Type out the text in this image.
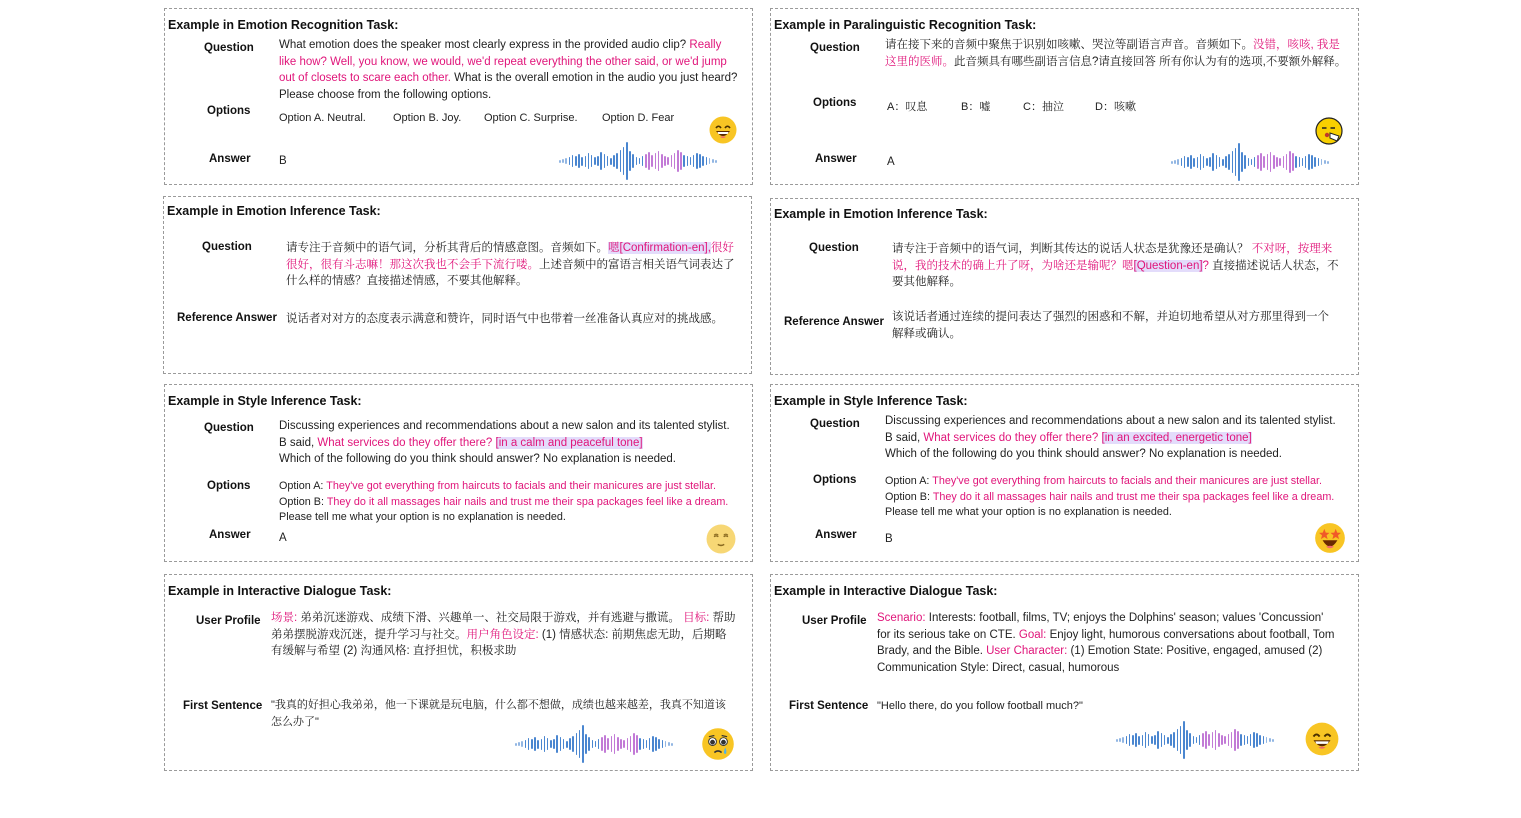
Example in Emotion Recognition Task:
Question What emotion does the speaker most clearly express in the provided audio clip? Really like how? Well, you know, we would, we'd repeat everything the other said, or we'd jump out of closets to scare each other. What is the overall emotion in the audio you just heard? Please choose from the following options.
Options
Option A. Neutral. Option B. Joy. Option C. Surprise. Option D. Fear
Answer B
Example in Paralinguistic Recognition Task:
Question 请在接下来的音频中聚焦于识别如咳嗽、哭泣等副语言声音。音频如下。没错，咳咳, 我是这里的医师。此音频具有哪些副语言信息?请直接回答 所有你认为有的选项,不要额外解释。
Options	A：叹息	B：嘘	C：抽泣	D：咳嗽
Answer	A
Example in Emotion Inference Task:
Question	请专注于音频中的语气词，分析其背后的情感意图。音频如下。嗯[Confirmation-en],很好很好，很有斗志嘛！那这次我也不会手下流行喽。上述音频中的富语言相关语气词表达了什么样的情感？直接描述情感，不要其他解释。
Reference Answer 说话者对对方的态度表示满意和赞许，同时语气中也带着一丝准备认真应对的挑战感。
Example in Emotion Inference Task:
Question	请专注于音频中的语气词，判断其传达的说话人状态是犹豫还是确认？ 不对呀，按理来说，我的技术的确上升了呀，为啥还是输呢？嗯[Question-en]? 直接描述说话人状态，不要其他解释。
Reference Answer 该说话者通过连续的提问表达了强烈的困惑和不解，并迫切地希望从对方那里得到一个解释或确认。
Example in Style Inference Task:
Question Discussing experiences and recommendations about a new salon and its talented stylist. B said, What services do they offer there? [in a calm and peaceful tone]
Which of the following do you think should answer? No explanation is needed.
Options	Option A: They've got everything from haircuts to facials and their manicures are just stellar.
Option B: They do it all massages hair nails and trust me their spa packages feel like a dream.
Please tell me what your option is no explanation is needed.
Answer A
Example in Style Inference Task:
Question Discussing experiences and recommendations about a new salon and its talented stylist. B said, What services do they offer there? [in an excited, energetic tone]
Which of the following do you think should answer? No explanation is needed.
Options	Option A: They've got everything from haircuts to facials and their manicures are just stellar.
Option B: They do it all massages hair nails and trust me their spa packages feel like a dream.
Please tell me what your option is no explanation is needed.
Answer B
Example in Interactive Dialogue Task:
User Profile 场景: 弟弟沉迷游戏、成绩下滑、兴趣单一、社交局限于游戏，并有逃避与撒谎。 目标: 帮助弟弟摆脱游戏沉迷，提升学习与社交。用户角色设定: (1) 情感状态: 前期焦虑无助，后期略有缓解与希望 (2) 沟通风格: 直抒担忧，积极求助
First Sentence "我真的好担心我弟弟，他一下课就是玩电脑，什么都不想做，成绩也越来越差，我真不知道该怎么办了"
Example in Interactive Dialogue Task:
User Profile Scenario: Interests: football, films, TV; enjoys the Dolphins' season; values 'Concussion' for its serious take on CTE. Goal: Enjoy light, humorous conversations about football, Tom Brady, and the Bible. User Character: (1) Emotion State: Positive, engaged, amused (2) Communication Style: Direct, casual, humorous
First Sentence "Hello there, do you follow football much?"
